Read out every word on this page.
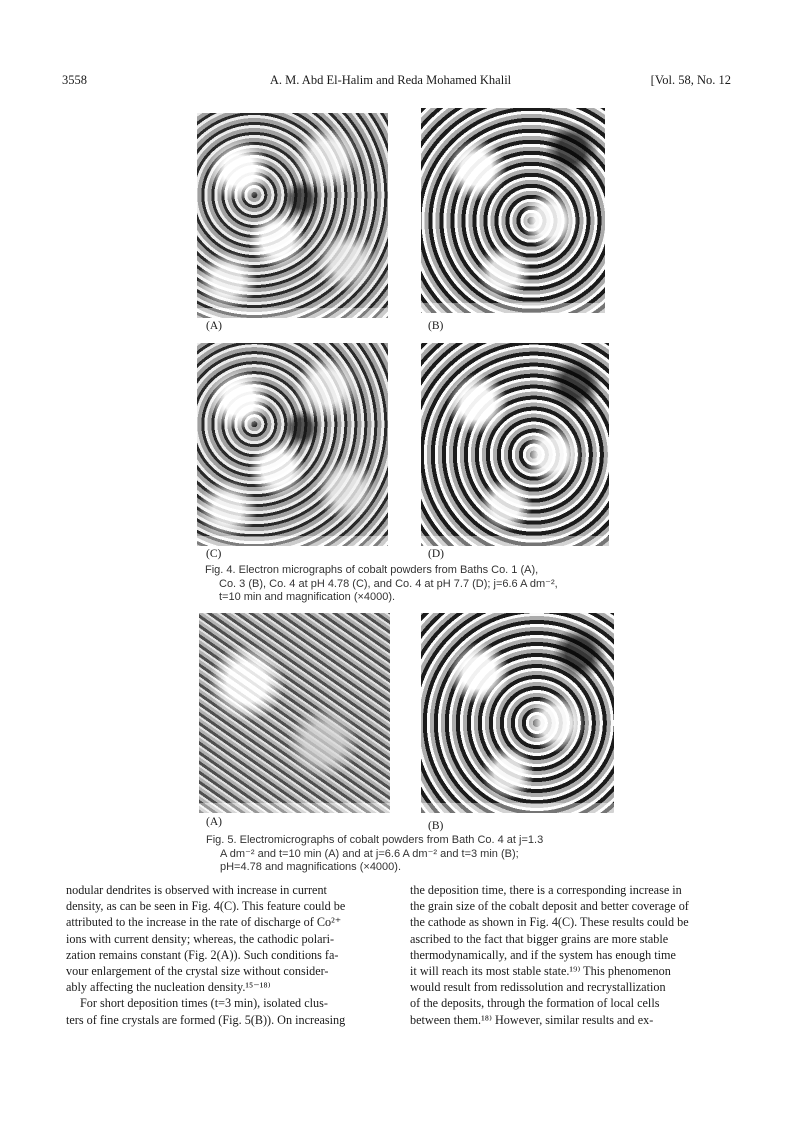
3558	A. M. Abd El-Halim and Reda Mohamed Khalil	[Vol. 58, No. 12
(A)	(B)
(C)	(D)
Fig. 4. Electron micrographs of cobalt powders from Baths Co. 1 (A),
Co. 3 (B), Co. 4 at pH 4.78 (C), and Co. 4 at pH 7.7 (D); j=6.6 A dm⁻²,
t=10 min and magnification (×4000).
(A)	(B)
Fig. 5. Electromicrographs of cobalt powders from Bath Co. 4 at j=1.3
A dm⁻² and t=10 min (A) and at j=6.6 A dm⁻² and t=3 min (B);
pH=4.78 and magnifications (×4000).
nodular dendrites is observed with increase in current
density, as can be seen in Fig. 4(C). This feature could be
attributed to the increase in the rate of discharge of Co²⁺
ions with current density; whereas, the cathodic polari-
zation remains constant (Fig. 2(A)). Such conditions fa-
vour enlargement of the crystal size without consider-
ably affecting the nucleation density.¹⁵⁻¹⁸⁾
For short deposition times (t=3 min), isolated clus-
ters of fine crystals are formed (Fig. 5(B)). On increasing
the deposition time, there is a corresponding increase in
the grain size of the cobalt deposit and better coverage of
the cathode as shown in Fig. 4(C). These results could be
ascribed to the fact that bigger grains are more stable
thermodynamically, and if the system has enough time
it will reach its most stable state.¹⁹⁾ This phenomenon
would result from redissolution and recrystallization
of the deposits, through the formation of local cells
between them.¹⁸⁾ However, similar results and ex-
